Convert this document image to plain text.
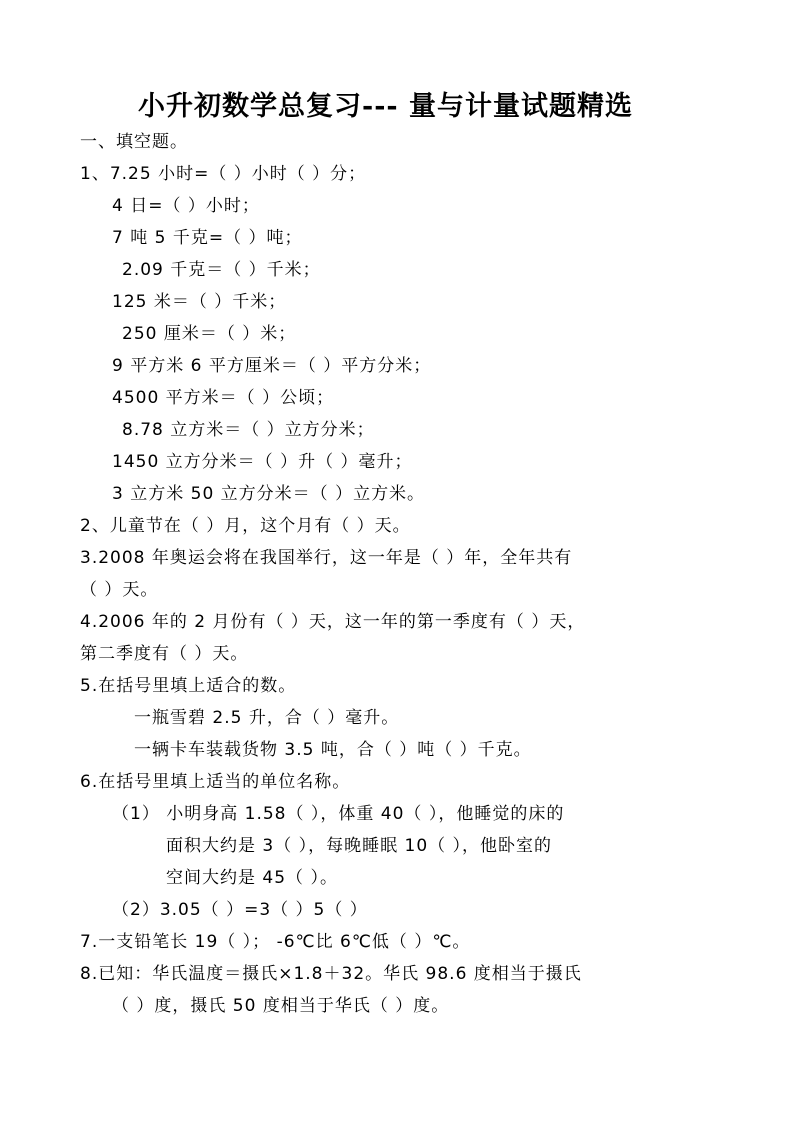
小升初数学总复习--- 量与计量试题精选
一、填空题。
1、7.25 小时=（ ）小时（ ）分；
4 日=（ ）小时；
7 吨 5 千克=（ ）吨；
2.09 千克＝（ ）千米；
125 米＝（ ）千米；
250 厘米＝（ ）米；
9 平方米 6 平方厘米＝（ ）平方分米；
4500 平方米＝（ ）公顷；
8.78 立方米＝（ ）立方分米；
1450 立方分米＝（ ）升（ ）毫升；
3 立方米 50 立方分米＝（ ）立方米。
2、儿童节在（ ）月，这个月有（ ）天。
3.2008 年奥运会将在我国举行，这一年是（ ）年，全年共有
（ ）天。
4.2006 年的 2 月份有（ ）天，这一年的第一季度有（ ）天，
第二季度有（ ）天。
5.在括号里填上适合的数。
一瓶雪碧 2.5 升，合（ ）毫升。
一辆卡车装载货物 3.5 吨，合（ ）吨（ ）千克。
6.在括号里填上适当的单位名称。
（1） 小明身高 1.58（ ），体重 40（ ），他睡觉的床的
面积大约是 3（ ），每晚睡眠 10（ ），他卧室的
空间大约是 45（ ）。
（2）3.05（ ）=3（ ）5（ ）
7.一支铅笔长 19（ ）； -6℃比 6℃低（ ）℃。
8.已知：华氏温度＝摄氏×1.8＋32。华氏 98.6 度相当于摄氏
（ ）度，摄氏 50 度相当于华氏（ ）度。
